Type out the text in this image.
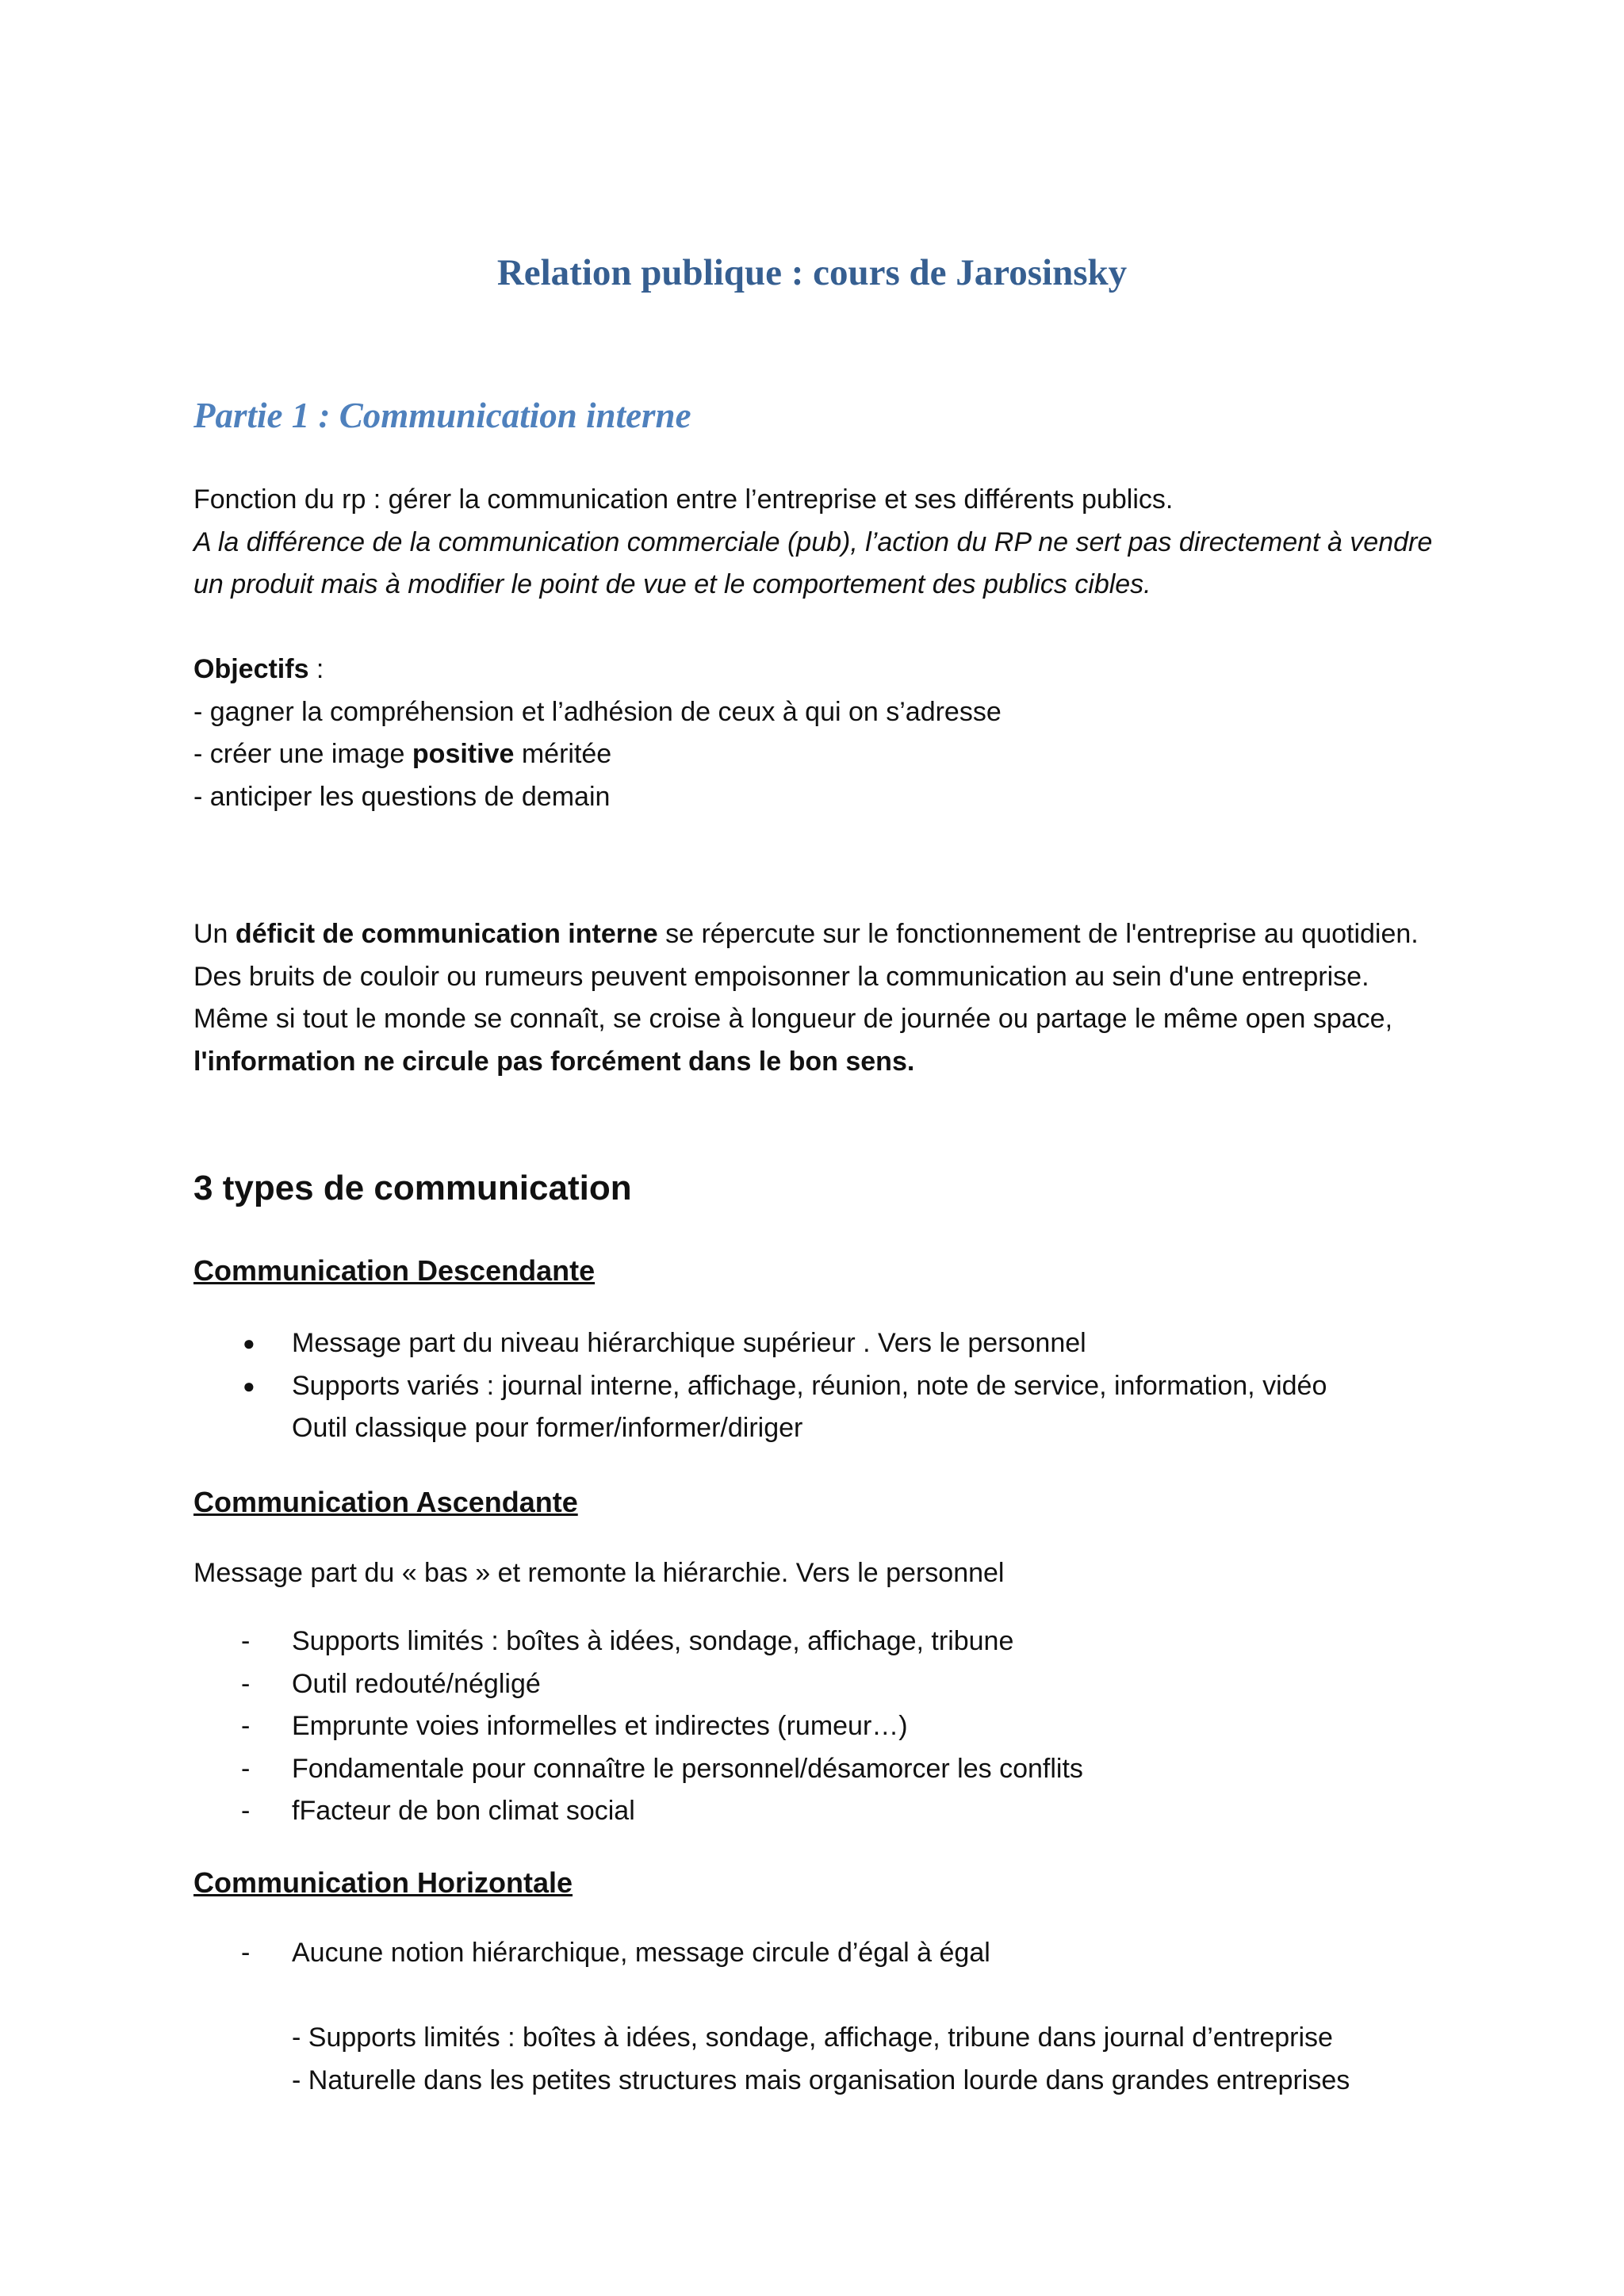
Relation publique : cours de Jarosinsky
Partie 1 : Communication interne

Fonction du rp : gérer la communication entre l’entreprise et ses différents publics.

A la différence de la communication commerciale (pub), l’action du RP ne sert pas directement à vendre un produit mais à modifier le point de vue et le comportement des publics cibles.

Objectifs :

- gagner la compréhension et l’adhésion de ceux à qui on s’adresse

- créer une image positive méritée

- anticiper les questions de demain

Un déficit de communication interne se répercute sur le fonctionnement de l'entreprise au quotidien. Des bruits de couloir ou rumeurs peuvent empoisonner la communication au sein d'une entreprise.

Même si tout le monde se connaît, se croise à longueur de journée ou partage le même open space,

l'information ne circule pas forcément dans le bon sens.

3 types de communication
Communication Descendante
● Message part du niveau hiérarchique supérieur . Vers le personnel
● Supports variés : journal interne, affichage, réunion, note de service, information, vidéo
Outil classique pour former/informer/diriger
Communication Ascendante
Message part du « bas » et remonte la hiérarchie. Vers le personnel
- Supports limités : boîtes à idées, sondage, affichage, tribune
- Outil redouté/négligé
- Emprunte voies informelles et indirectes (rumeur…)
- Fondamentale pour connaître le personnel/désamorcer les conflits
- fFacteur de bon climat social
Communication Horizontale
- Aucune notion hiérarchique, message circule d’égal à égal

- Supports limités : boîtes à idées, sondage, affichage, tribune dans journal d’entreprise

- Naturelle dans les petites structures mais organisation lourde dans grandes entreprises
